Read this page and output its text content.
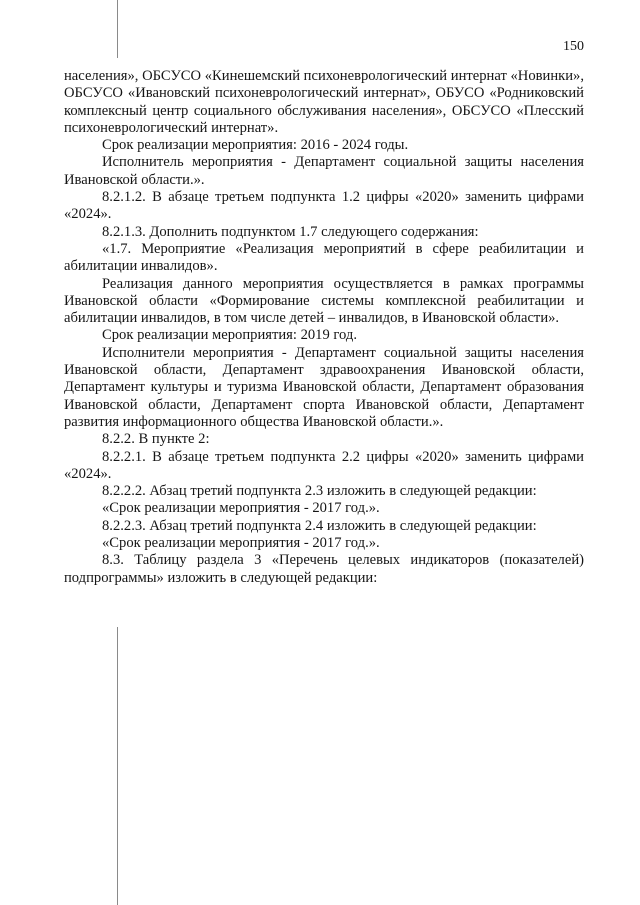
150

населения», ОБСУСО «Кинешемский психоневрологический интернат «Новинки», ОБСУСО «Ивановский психоневрологический интернат», ОБУСО «Родниковский комплексный центр социального обслуживания населения», ОБСУСО «Плесский психоневрологический интернат».

Срок реализации мероприятия: 2016 - 2024 годы.

Исполнитель мероприятия - Департамент социальной защиты населения Ивановской области.».

8.2.1.2. В абзаце третьем подпункта 1.2 цифры «2020» заменить цифрами «2024».

8.2.1.3. Дополнить подпунктом 1.7 следующего содержания:

«1.7. Мероприятие «Реализация мероприятий в сфере реабилитации и абилитации инвалидов».

Реализация данного мероприятия осуществляется в рамках программы Ивановской области «Формирование системы комплексной реабилитации и абилитации инвалидов, в том числе детей – инвалидов, в Ивановской области».

Срок реализации мероприятия: 2019 год.

Исполнители мероприятия - Департамент социальной защиты населения Ивановской области, Департамент здравоохранения Ивановской области, Департамент культуры и туризма Ивановской области, Департамент образования Ивановской области, Департамент спорта Ивановской области, Департамент развития информационного общества Ивановской области.».

8.2.2. В пункте 2:

8.2.2.1. В абзаце третьем подпункта 2.2 цифры «2020» заменить цифрами «2024».

8.2.2.2. Абзац третий подпункта 2.3 изложить в следующей редакции:

«Срок реализации мероприятия - 2017 год.».

8.2.2.3. Абзац третий подпункта 2.4 изложить в следующей редакции:

«Срок реализации мероприятия - 2017 год.».

8.3. Таблицу раздела 3 «Перечень целевых индикаторов (показателей) подпрограммы» изложить в следующей редакции:
